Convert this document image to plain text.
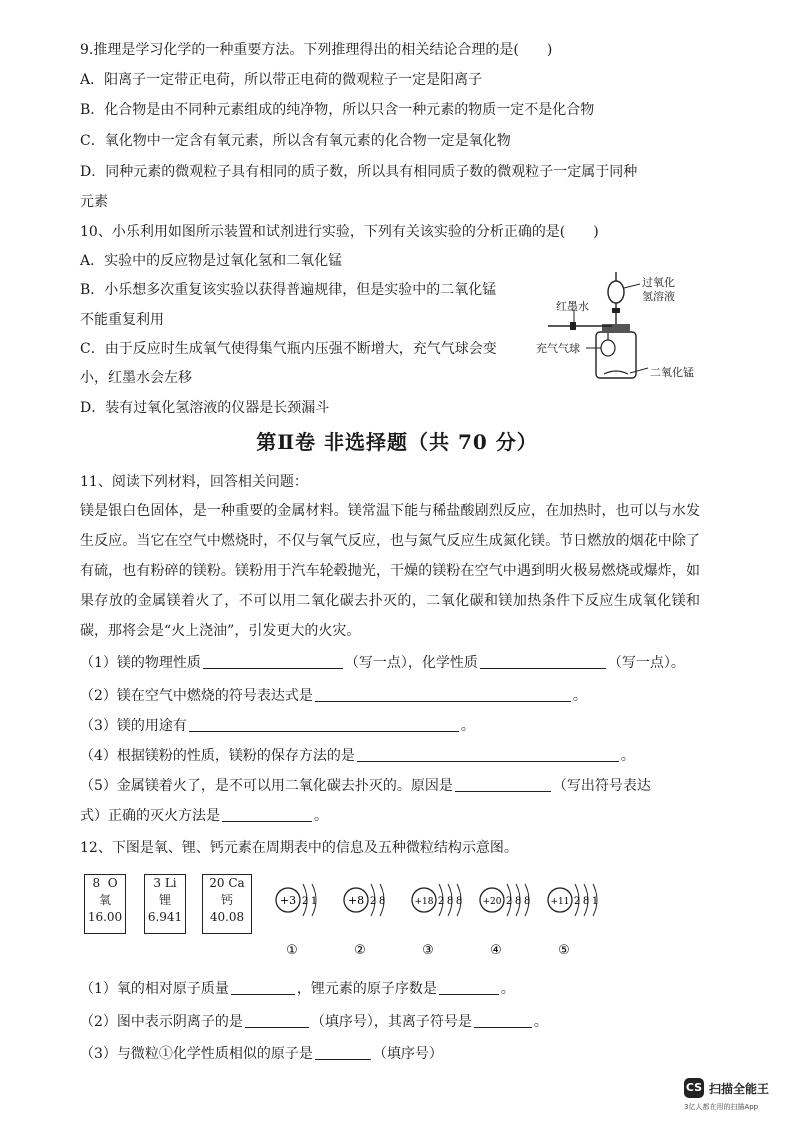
9.推理是学习化学的一种重要方法。下列推理得出的相关结论合理的是(　　)
A．阳离子一定带正电荷，所以带正电荷的微观粒子一定是阳离子
B．化合物是由不同种元素组成的纯净物，所以只含一种元素的物质一定不是化合物
C．氧化物中一定含有氧元素，所以含有氧元素的化合物一定是氧化物
D．同种元素的微观粒子具有相同的质子数，所以具有相同质子数的微观粒子一定属于同种
元素
10、小乐利用如图所示装置和试剂进行实验，下列有关该实验的分析正确的是(　　)
A．实验中的反应物是过氧化氢和二氧化锰
B．小乐想多次重复该实验以获得普遍规律，但是实验中的二氧化锰
不能重复利用
C．由于反应时生成氧气使得集气瓶内压强不断增大，充气气球会变
小，红墨水会左移
D．装有过氧化氢溶液的仪器是长颈漏斗
过氧化
氢溶液
红墨水
充气气球
二氧化锰
第Ⅱ卷 非选择题（共 70 分）
11、阅读下列材料，回答相关问题：
镁是银白色固体，是一种重要的金属材料。镁常温下能与稀盐酸剧烈反应，在加热时，也可以与水发生反应。当它在空气中燃烧时，不仅与氧气反应，也与氮气反应生成氮化镁。节日燃放的烟花中除了有硫，也有粉碎的镁粉。镁粉用于汽车轮毂抛光，干燥的镁粉在空气中遇到明火极易燃烧或爆炸，如果存放的金属镁着火了，不可以用二氧化碳去扑灭的，二氧化碳和镁加热条件下反应生成氧化镁和碳，那将会是“火上浇油”，引发更大的火灾。
（1）镁的物理性质	（写一点），化学性质	（写一点）。
（2）镁在空气中燃烧的符号表达式是	。
（3）镁的用途有	。
（4）根据镁粉的性质，镁粉的保存方法的是	。
（5）金属镁着火了，是不可以用二氧化碳去扑灭的。原因是	（写出符号表达
式）正确的灭火方法是	。
12、下图是氧、锂、钙元素在周期表中的信息及五种微粒结构示意图。
8 O
氧
16.00
3 Li
锂
6.941
20 Ca
钙
40.08
+3 2 1
①
+8 2 8
②
+18 2 8 8
③
+20 2 8 8
④
+11 2 8 1
⑤
（1）氧的相对原子质量	，锂元素的原子序数是	。
（2）图中表示阴离子的是	（填序号），其离子符号是	。
（3）与微粒①化学性质相似的原子是	（填序号）
CS 扫描全能王
3亿人都在用的扫描App
